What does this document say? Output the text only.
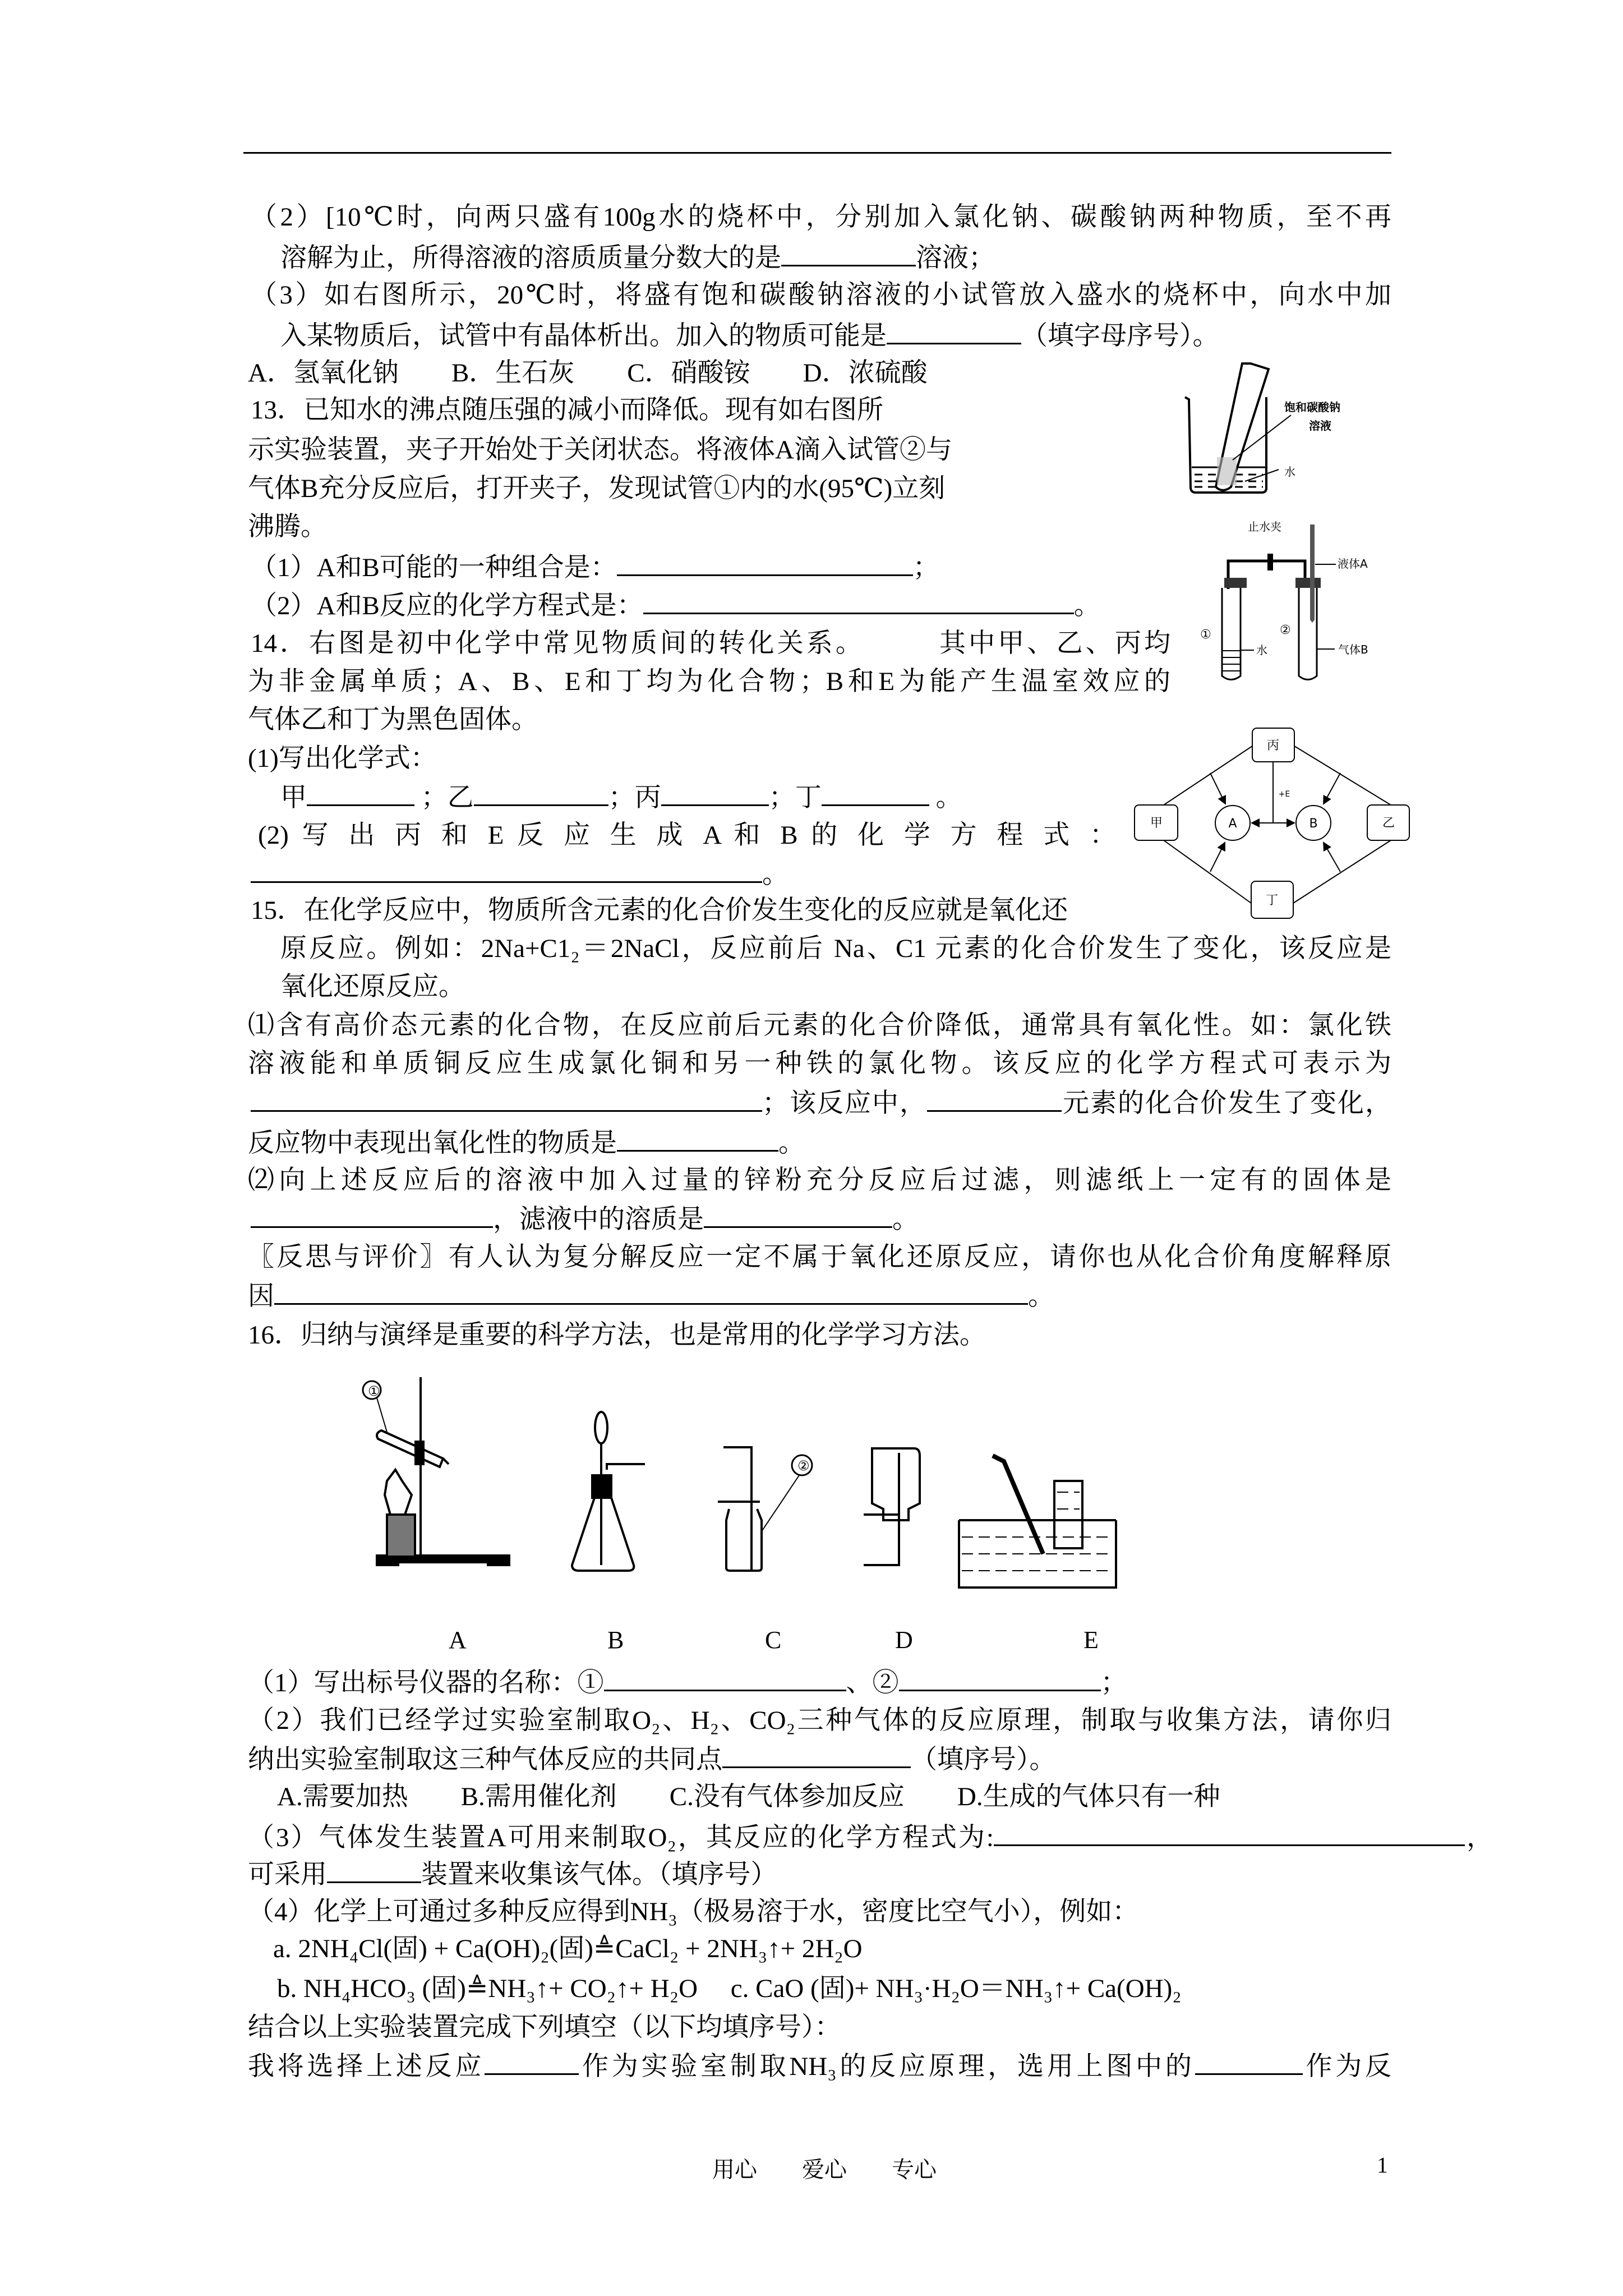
（2）[10℃时，向两只盛有100g水的烧杯中，分别加入氯化钠、碳酸钠两种物质，至不再
溶解为止，所得溶液的溶质质量分数大的是	溶液；
（3）如右图所示，20℃时，将盛有饱和碳酸钠溶液的小试管放入盛水的烧杯中，向水中加
入某物质后，试管中有晶体析出。加入的物质可能是	（填字母序号）。
A．氢氧化钠　　B．生石灰　　C．硝酸铵　　D．浓硫酸
13．已知水的沸点随压强的减小而降低。现有如右图所
示实验装置，夹子开始处于关闭状态。将液体A滴入试管②与
气体B充分反应后，打开夹子，发现试管①内的水(95℃)立刻
沸腾。
（1）A和B可能的一种组合是：	；
（2）A和B反应的化学方程式是：	。
14．右图是初中化学中常见物质间的转化关系。　　　其中甲、乙、丙均
为非金属单质；A、B、E和丁均为化合物；B和E为能产生温室效应的
气体乙和丁为黑色固体。
(1)写出化学式：
甲	；乙	；丙	；丁	。
(2) 写 出 丙 和 E 反 应 生 成 A 和 B 的 化 学 方 程 式 ：
。
15．在化学反应中，物质所含元素的化合价发生变化的反应就是氧化还
原反应。例如：2Na+C1₂＝2NaCl，反应前后 Na、C1 元素的化合价发生了变化，该反应是
氧化还原反应。
⑴含有高价态元素的化合物，在反应前后元素的化合价降低，通常具有氧化性。如：氯化铁
溶液能和单质铜反应生成氯化铜和另一种铁的氯化物。该反应的化学方程式可表示为
；该反应中，	元素的化合价发生了变化，
反应物中表现出氧化性的物质是	。
⑵向上述反应后的溶液中加入过量的锌粉充分反应后过滤，则滤纸上一定有的固体是
，滤液中的溶质是	。
〖反思与评价〗有人认为复分解反应一定不属于氧化还原反应，请你也从化合价角度解释原
因	。
16．归纳与演绎是重要的科学方法，也是常用的化学学习方法。
饱和碳酸钠
溶液
水
止水夹
液体A
①	②
水	气体B
丙
甲	乙
丁
A	B
+E
①
②
A	B	C	D	E
（1）写出标号仪器的名称：①	、②	；
（2）我们已经学过实验室制取O₂、H₂、CO₂三种气体的反应原理，制取与收集方法，请你归
纳出实验室制取这三种气体反应的共同点	（填序号）。
A.需要加热　　B.需用催化剂　　C.没有气体参加反应　　D.生成的气体只有一种
（3）气体发生装置A可用来制取O₂，其反应的化学方程式为:	，
可采用	装置来收集该气体。（填序号）
（4）化学上可通过多种反应得到NH₃（极易溶于水，密度比空气小），例如：
a. 2NH₄Cl(固) + Ca(OH)₂(固)≜CaCl₂ + 2NH₃↑+ 2H₂O
b. NH₄HCO₃ (固)≜NH₃↑+ CO₂↑+ H₂O　 c. CaO (固)+ NH₃·H₂O＝NH₃↑+ Ca(OH)₂
结合以上实验装置完成下列填空（以下均填序号）：
我将选择上述反应	作为实验室制取NH₃的反应原理，选用上图中的	作为反
用心　　爱心　　专心	1
